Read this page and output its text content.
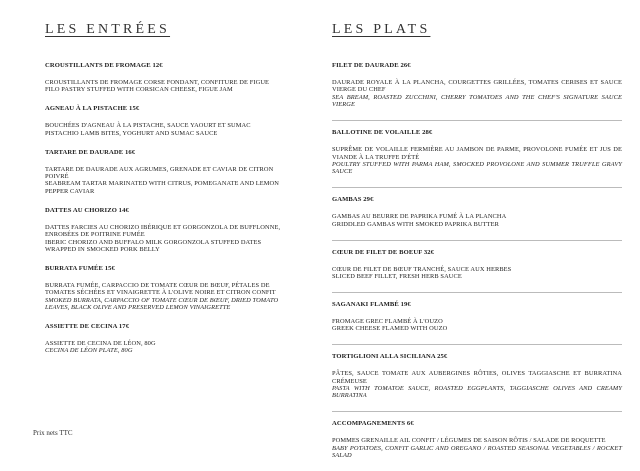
LES ENTRÉES
CROUSTILLANTS DE FROMAGE 12€
CROUSTILLANTS DE FROMAGE CORSE FONDANT, CONFITURE DE FIGUE
FILO PASTRY STUFFED WITH CORSICAN CHEESE, FIGUE JAM
AGNEAU À LA PISTACHE 15€
BOUCHÉES D'AGNEAU À LA PISTACHE, SAUCE YAOURT ET SUMAC
PISTACHIO LAMB BITES, YOGHURT AND SUMAC SAUCE
TARTARE DE DAURADE 16€
TARTARE DE DAURADE AUX AGRUMES, GRENADE ET CAVIAR DE CITRON POIVRÉ
SEABREAM TARTAR MARINATED WITH CITRUS, POMEGANATE AND LEMON PEPPER CAVIAR
DATTES AU CHORIZO 14€
DATTES FARCIES AU CHORIZO IBÉRIQUE ET GORGONZOLA DE BUFFLONNE, ENROBÉES DE POITRINE FUMÉE
IBERIC CHORIZO AND BUFFALO MILK GORGONZOLA STUFFED DATES WRAPPED IN SMOCKED PORK BELLY
BURRATA FUMÉE 15€
BURRATA FUMÉE, CARPACCIO DE TOMATE CŒUR DE BŒUF, PÉTALES DE TOMATES SÉCHÉES ET VINAIGRETTE À L'OLIVE NOIRE ET CITRON CONFIT
SMOKED BURRATA, CARPACCIO OF TOMATE CŒUR DE BŒUF, DRIED TOMATO LEAVES, BLACK OLIVE AND PRESERVED LEMON VINAIGRETTE
ASSIETTE DE CECINA 17€
ASSIETTE DE CECINA DE LÉON, 80G
CECINA DE LÉON PLATE, 80G
LES PLATS
FILET DE DAURADE 26€
DAURADE ROYALE À LA PLANCHA, COURGETTES GRILLÉES, TOMATES CERISES ET SAUCE VIERGE DU CHEF
SEA BREAM, ROASTED ZUCCHINI, CHERRY TOMATOES AND THE CHEF'S SIGNATURE SAUCE VIERGE
BALLOTINE DE VOLAILLE 28€
SUPRÊME DE VOLAILLE FERMIÈRE AU JAMBON DE PARME, PROVOLONE FUMÉE ET JUS DE VIANDE À LA TRUFFE D'ÉTÉ
POULTRY STUFFED WITH PARMA HAM, SMOCKED PROVOLONE AND SUMMER TRUFFLE GRAVY SAUCE
GAMBAS 29€
GAMBAS AU BEURRE DE PAPRIKA FUMÉ À LA PLANCHA
GRIDDLED GAMBAS WITH SMOKED PAPRIKA BUTTER
CŒUR DE FILET DE BOEUF 32€
CŒUR DE FILET DE BŒUF TRANCHÉ, SAUCE AUX HERBES
SLICED BEEF FILLET, FRESH HERB SAUCE
SAGANAKI FLAMBÉ 19€
FROMAGE GREC FLAMBÉ À L'OUZO
GREEK CHEESE FLAMED WITH OUZO
TORTIGLIONI ALLA SICILIANA 25€
PÂTES, SAUCE TOMATE AUX AUBERGINES RÔTIES, OLIVES TAGGIASCHE ET BURRATINA CRÉMEUSE
PASTA WITH TOMATOE SAUCE, ROASTED EGGPLANTS, TAGGIASCHE OLIVES AND CREAMY BURRATINA
ACCOMPAGNEMENTS 6€
POMMES GRENAILLE AIL CONFIT / LÉGUMES DE SAISON RÔTIS / SALADE DE ROQUETTE
BABY POTATOES, CONFIT GARLIC AND OREGANO / ROASTED SEASONAL VEGETABLES / ROCKET SALAD
Prix nets TTC
